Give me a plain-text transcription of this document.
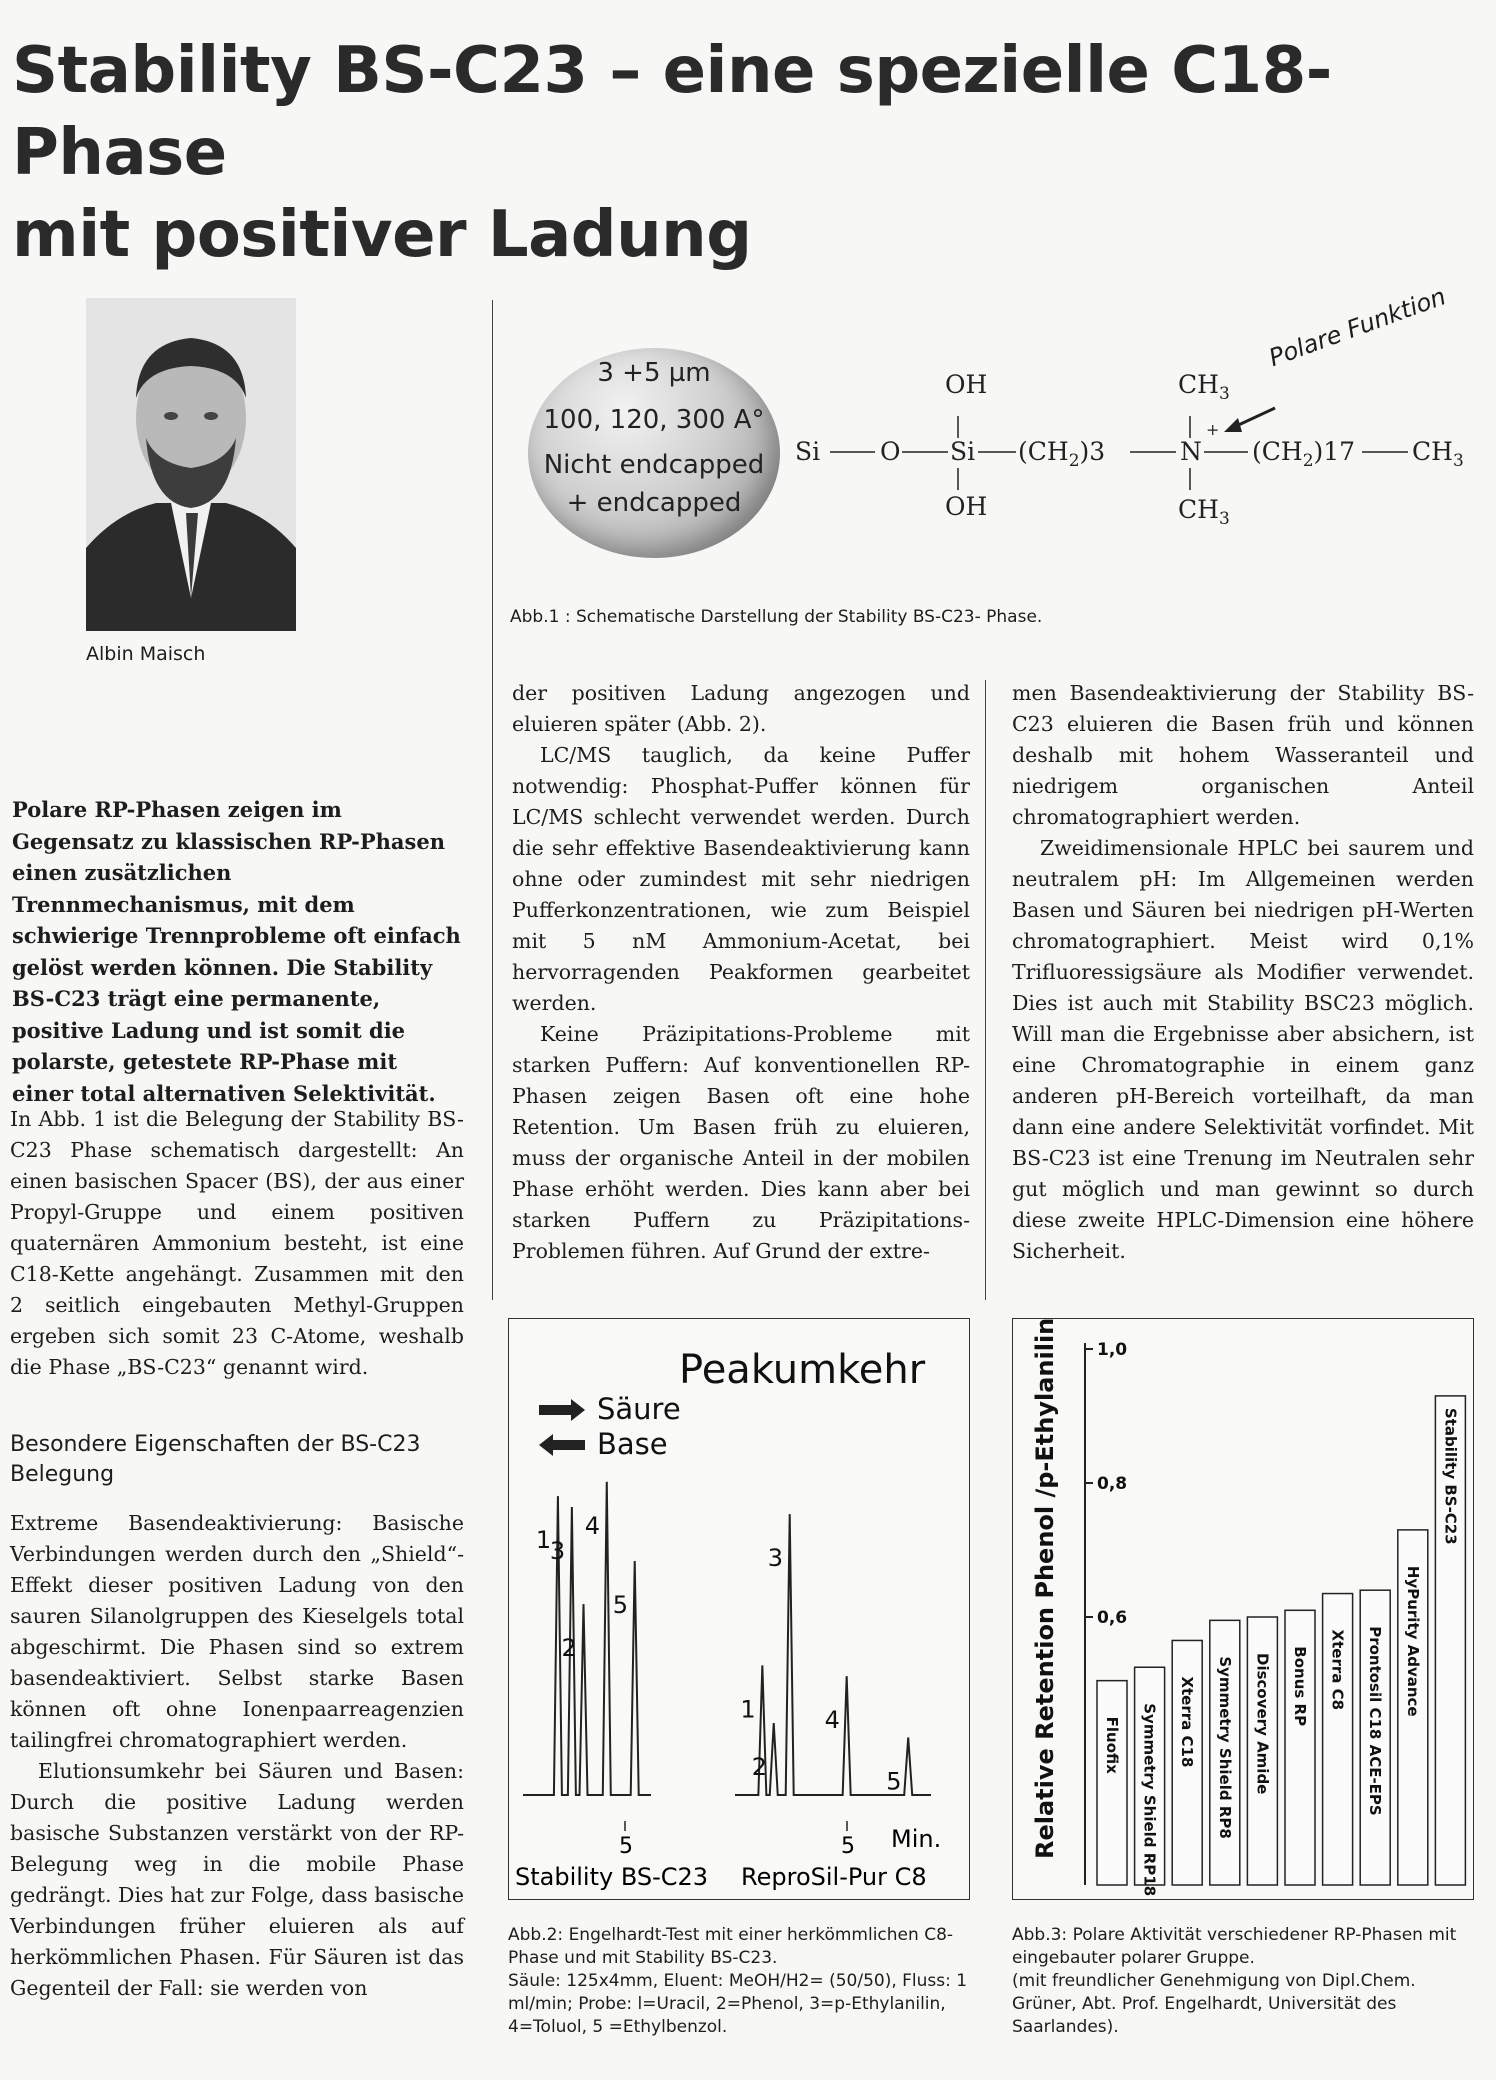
Stability BS-C23 – eine spezielle C18-Phase
mit positiver Ladung
Albin Maisch
Polare RP-Phasen zeigen im Gegensatz zu klassischen RP-Phasen einen zusätzlichen Trennmechanismus, mit dem schwierige Trennprobleme oft einfach gelöst werden können. Die Stability BS-C23 trägt eine permanente, positive Ladung und ist somit die polarste, getestete RP-Phase mit einer total alternativen Selektivität.

In Abb. 1 ist die Belegung der Stability BS-C23 Phase schematisch dargestellt: An einen basischen Spacer (BS), der aus einer Propyl-Gruppe und einem positiven quaternären Ammonium besteht, ist eine C18-Kette angehängt. Zusammen mit den 2 seitlich eingebauten Methyl-Gruppen ergeben sich somit 23 C-Atome, weshalb die Phase „BS-C23“ genannt wird.

Besondere Eigenschaften der BS-C23 Belegung

Extreme Basendeaktivierung: Basische Verbindungen werden durch den „Shield“-Effekt dieser positiven Ladung von den sauren Silanolgruppen des Kieselgels total abgeschirmt. Die Phasen sind so extrem basendeaktiviert. Selbst starke Basen können oft ohne Ionenpaarreagenzien tailingfrei chromatographiert werden.

Elutionsumkehr bei Säuren und Basen: Durch die positive Ladung werden basische Substanzen verstärkt von der RP-Belegung weg in die mobile Phase gedrängt. Dies hat zur Folge, dass basische Verbindungen früher eluieren als auf herkömmlichen Phasen. Für Säuren ist das Gegenteil der Fall: sie werden von

der positiven Ladung angezogen und eluieren später (Abb. 2).

LC/MS tauglich, da keine Puffer notwendig: Phosphat-Puffer können für LC/MS schlecht verwendet werden. Durch die sehr effektive Basendeaktivierung kann ohne oder zumindest mit sehr niedrigen Pufferkonzentrationen, wie zum Beispiel mit 5 nM Ammonium-Acetat, bei hervorragenden Peakformen gearbeitet werden.

Keine Präzipitations-Probleme mit starken Puffern: Auf konventionellen RP-Phasen zeigen Basen oft eine hohe Retention. Um Basen früh zu eluieren, muss der organische Anteil in der mobilen Phase erhöht werden. Dies kann aber bei starken Puffern zu Präzipitations-Problemen führen. Auf Grund der extre-

men Basendeaktivierung der Stability BS-C23 eluieren die Basen früh und können deshalb mit hohem Wasseranteil und niedrigem organischen Anteil chromatographiert werden.

Zweidimensionale HPLC bei saurem und neutralem pH: Im Allgemeinen werden Basen und Säuren bei niedrigen pH-Werten chromatographiert. Meist wird 0,1% Trifluoressigsäure als Modifier verwendet. Dies ist auch mit Stability BSC23 möglich. Will man die Ergebnisse aber absichern, ist eine Chromatographie in einem ganz anderen pH-Bereich vorteilhaft, da man dann eine andere Selektivität vorfindet. Mit BS-C23 ist eine Trenung im Neutralen sehr gut möglich und man gewinnt so durch diese zweite HPLC-Dimension eine höhere Sicherheit.

3 +5 µm
100, 120, 300 A°
Nicht endcapped
+ endcapped
OH
OH
Si O Si $(CH_2)3$	N
+
$CH_3$
$CH_3$
$(CH_2)17$ $CH_3$
Polare Funktion
Abb.1 : Schematische Darstellung der Stability BS-C23- Phase.
Peakumkehr
Säure
Base
1
3
2
4
5
1
2
3
4
5
5	5 Min.
Stability BS-C23 ReproSil-Pur C8
Abb.2: Engelhardt-Test mit einer herkömmlichen C8-Phase und mit Stability BS-C23.
Säule: 125x4mm, Eluent: MeOH/H2= (50/50), Fluss: 1 ml/min; Probe: l=Uracil, 2=Phenol, 3=p-Ethylanilin, 4=Toluol, 5 =Ethylbenzol.
Relative Retention Phenol /p-Ethylanilin 1,0
0,8
0,6
Fluofix Symmetry Shield RP18 Xterra C18 Symmetry Shield RP8 Discovery Amide Bonus RP Xterra C8 Prontosil C18 ACE-EPS HyPurity Advance
Stability BS-C23
Abb.3: Polare Aktivität verschiedener RP-Phasen mit eingebauter polarer Gruppe.
(mit freundlicher Genehmigung von Dipl.Chem. Grüner, Abt. Prof. Engelhardt, Universität des Saarlandes).
